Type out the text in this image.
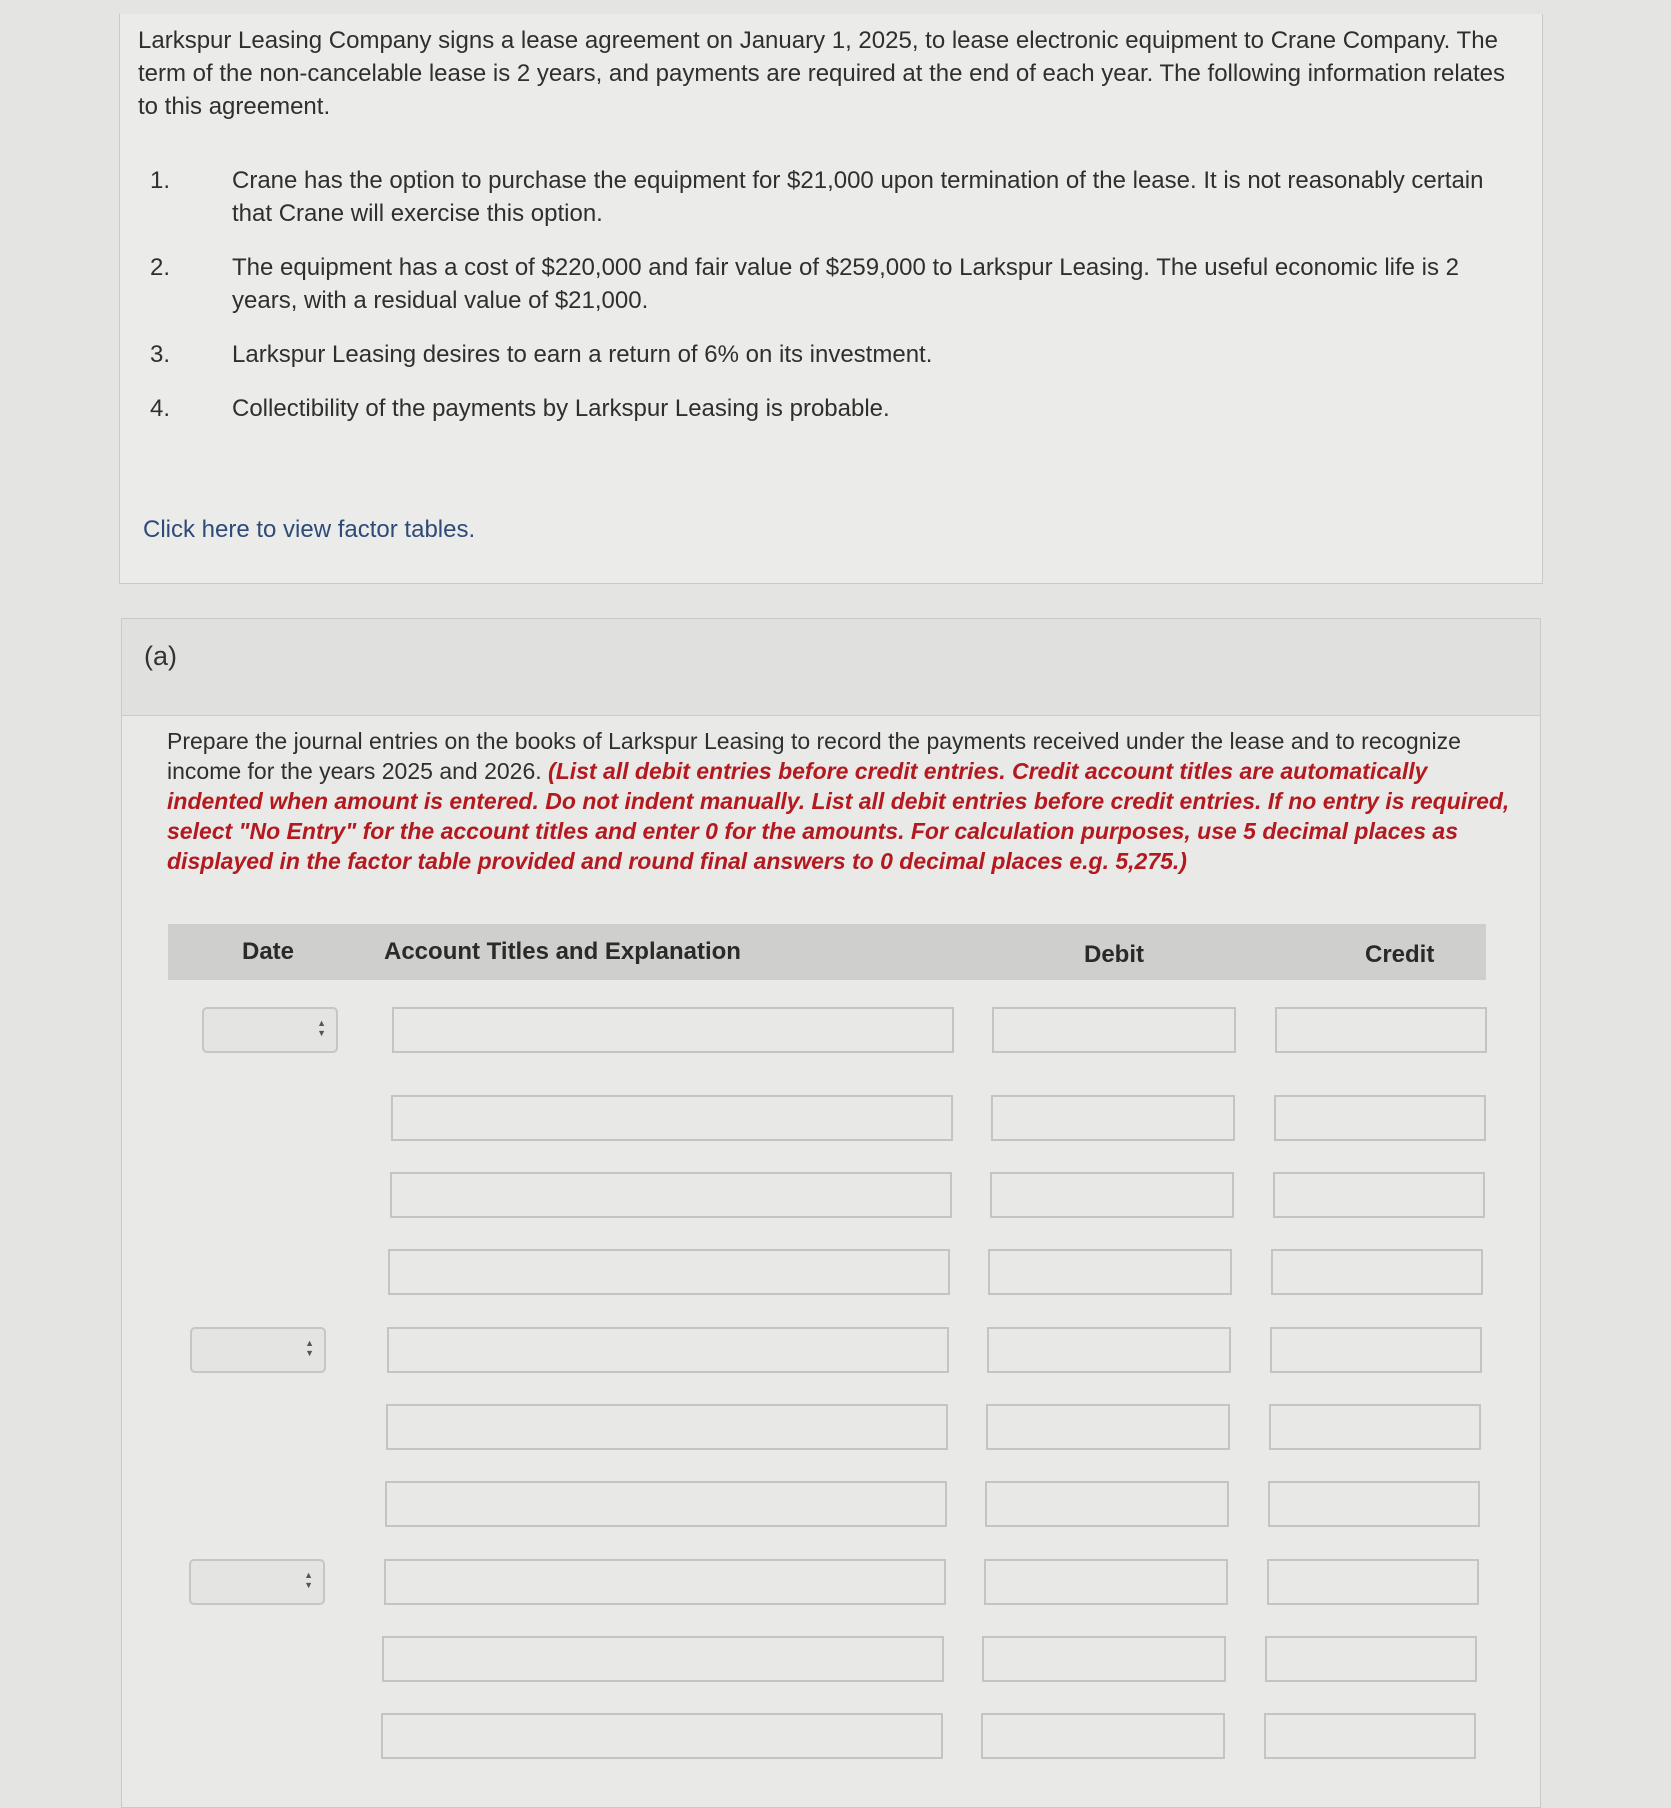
Larkspur Leasing Company signs a lease agreement on January 1, 2025, to lease electronic equipment to Crane Company. The term of the non-cancelable lease is 2 years, and payments are required at the end of each year. The following information relates to this agreement.

1.	Crane has the option to purchase the equipment for $21,000 upon termination of the lease. It is not reasonably certain that Crane will exercise this option.
2.	The equipment has a cost of $220,000 and fair value of $259,000 to Larkspur Leasing. The useful economic life is 2 years, with a residual value of $21,000.
3.	Larkspur Leasing desires to earn a return of 6% on its investment.
4.	Collectibility of the payments by Larkspur Leasing is probable.
Click here to view factor tables.
(a)

Prepare the journal entries on the books of Larkspur Leasing to record the payments received under the lease and to recognize income for the years 2025 and 2026. (List all debit entries before credit entries. Credit account titles are automatically indented when amount is entered. Do not indent manually. List all debit entries before credit entries. If no entry is required, select "No Entry" for the account titles and enter 0 for the amounts. For calculation purposes, use 5 decimal places as displayed in the factor table provided and round final answers to 0 decimal places e.g. 5,275.)

Date	Account Titles and Explanation	Debit	Credit
▲
▼
▲
▼
▲
▼
